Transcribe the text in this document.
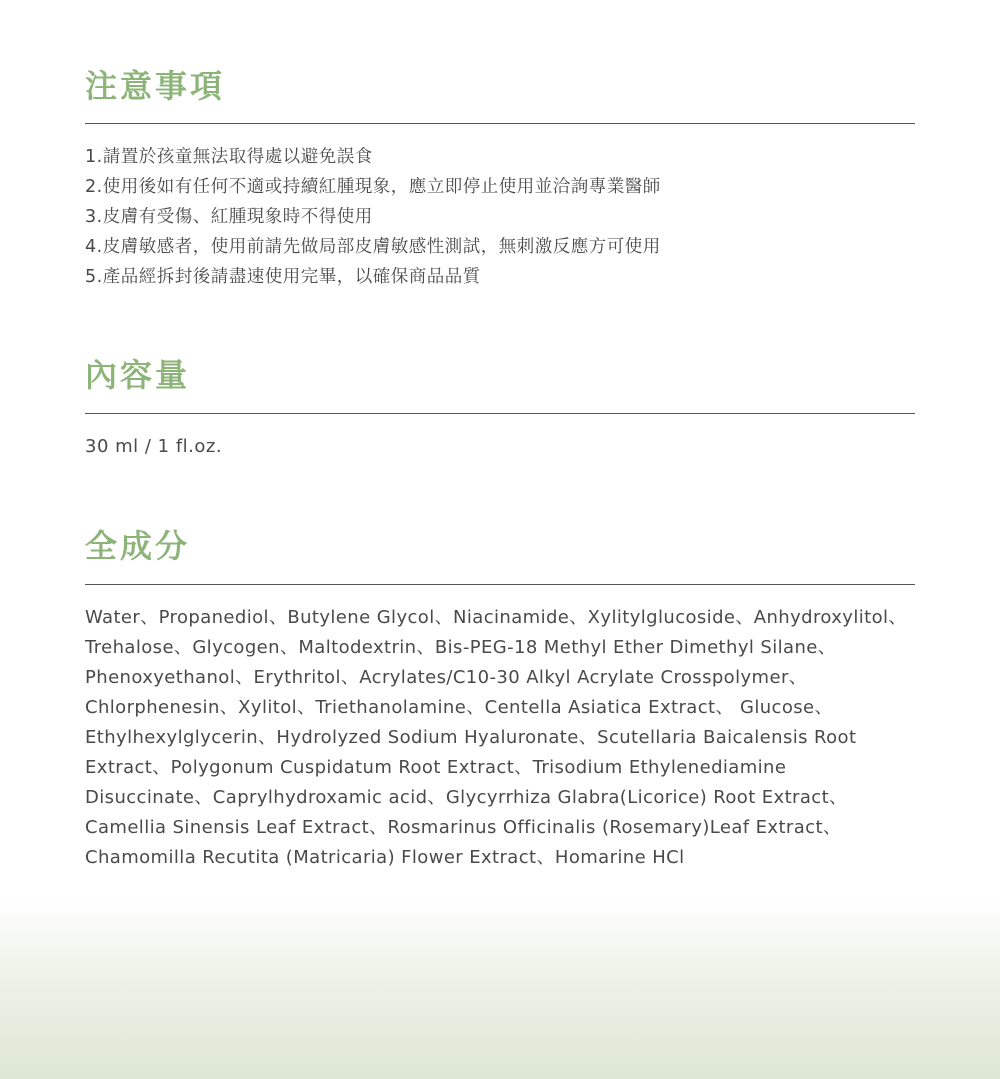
注意事項
1.請置於孩童無法取得處以避免誤食
2.使用後如有任何不適或持續紅腫現象，應立即停止使用並洽詢專業醫師
3.皮膚有受傷、紅腫現象時不得使用
4.皮膚敏感者，使用前請先做局部皮膚敏感性測試，無刺激反應方可使用
5.產品經拆封後請盡速使用完畢，以確保商品品質
內容量
30 ml / 1 fl.oz.
全成分

Water、Propanediol、Butylene Glycol、Niacinamide、Xylitylglucoside、Anhydroxylitol、Trehalose、Glycogen、Maltodextrin、Bis-PEG-18 Methyl Ether Dimethyl Silane、Phenoxyethanol、Erythritol、Acrylates/C10-30 Alkyl Acrylate Crosspolymer、Chlorphenesin、Xylitol、Triethanolamine、Centella Asiatica Extract、 Glucose、Ethylhexylglycerin、Hydrolyzed Sodium Hyaluronate、Scutellaria Baicalensis Root Extract、Polygonum Cuspidatum Root Extract、Trisodium Ethylenediamine Disuccinate、Caprylhydroxamic acid、Glycyrrhiza Glabra(Licorice) Root Extract、Camellia Sinensis Leaf Extract、Rosmarinus Officinalis (Rosemary)Leaf Extract、Chamomilla Recutita (Matricaria) Flower Extract、Homarine HCl
